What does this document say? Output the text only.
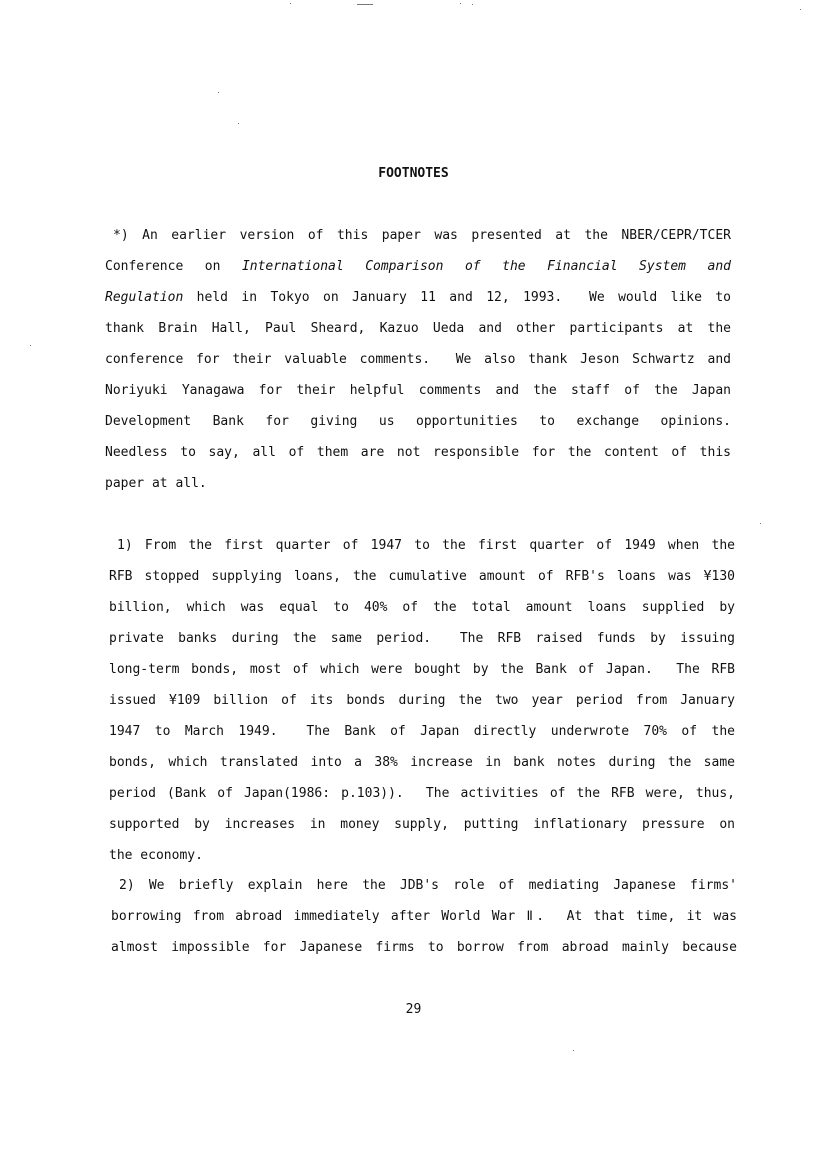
FOOTNOTES
*) An earlier version of this paper was presented at the NBER/CEPR/TCER
Conference on International Comparison of the Financial System and
Regulation held in Tokyo on January 11 and 12, 1993.  We would like to
thank Brain Hall, Paul Sheard, Kazuo Ueda and other participants at the
conference for their valuable comments.  We also thank Jeson Schwartz and
Noriyuki Yanagawa for their helpful comments and the staff of the Japan
Development Bank for giving us opportunities to exchange opinions.
Needless to say, all of them are not responsible for the content of this
paper at all.
1) From the first quarter of 1947 to the first quarter of 1949 when the
RFB stopped supplying loans, the cumulative amount of RFB's loans was ¥130
billion, which was equal to 40% of the total amount loans supplied by
private banks during the same period.  The RFB raised funds by issuing
long-term bonds, most of which were bought by the Bank of Japan.  The RFB
issued ¥109 billion of its bonds during the two year period from January
1947 to March 1949.  The Bank of Japan directly underwrote 70% of the
bonds, which translated into a 38% increase in bank notes during the same
period (Bank of Japan(1986: p.103)).  The activities of the RFB were, thus,
supported by increases in money supply, putting inflationary pressure on
the economy.
2) We briefly explain here the JDB's role of mediating Japanese firms'
borrowing from abroad immediately after World War Ⅱ.  At that time, it was
almost impossible for Japanese firms to borrow from abroad mainly because
29
